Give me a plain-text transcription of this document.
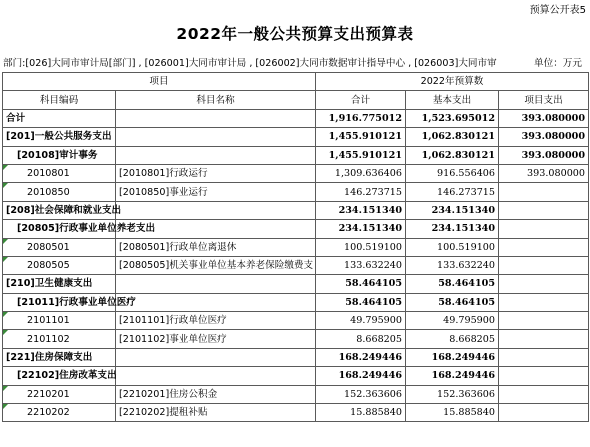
预算公开表5
2022年一般公共预算支出预算表
部门:[026]大同市审计局[部门] , [026001]大同市审计局 , [026002]大同市数据审计指导中心 , [026003]大同市审	单位：万元
项目		2022年预算数		
科目编码	科目名称	合计	基本支出	项目支出
合计		1,916.775012	1,523.695012	393.080000
[201]一般公共服务支出		1,455.910121	1,062.830121	393.080000
[20108]审计事务		1,455.910121	1,062.830121	393.080000
2010801	[2010801]行政运行	1,309.636406	916.556406	393.080000
2010850	[2010850]事业运行	146.273715	146.273715	
[208]社会保障和就业支出		234.151340	234.151340	
[20805]行政事业单位养老支出		234.151340	234.151340	
2080501	[2080501]行政单位离退休	100.519100	100.519100	
2080505	[2080505]机关事业单位基本养老保险缴费支	133.632240	133.632240	
[210]卫生健康支出		58.464105	58.464105	
[21011]行政事业单位医疗		58.464105	58.464105	
2101101	[2101101]行政单位医疗	49.795900	49.795900	
2101102	[2101102]事业单位医疗	8.668205	8.668205	
[221]住房保障支出		168.249446	168.249446	
[22102]住房改革支出		168.249446	168.249446	
2210201	[2210201]住房公积金	152.363606	152.363606	
2210202	[2210202]提租补贴	15.885840	15.885840	
